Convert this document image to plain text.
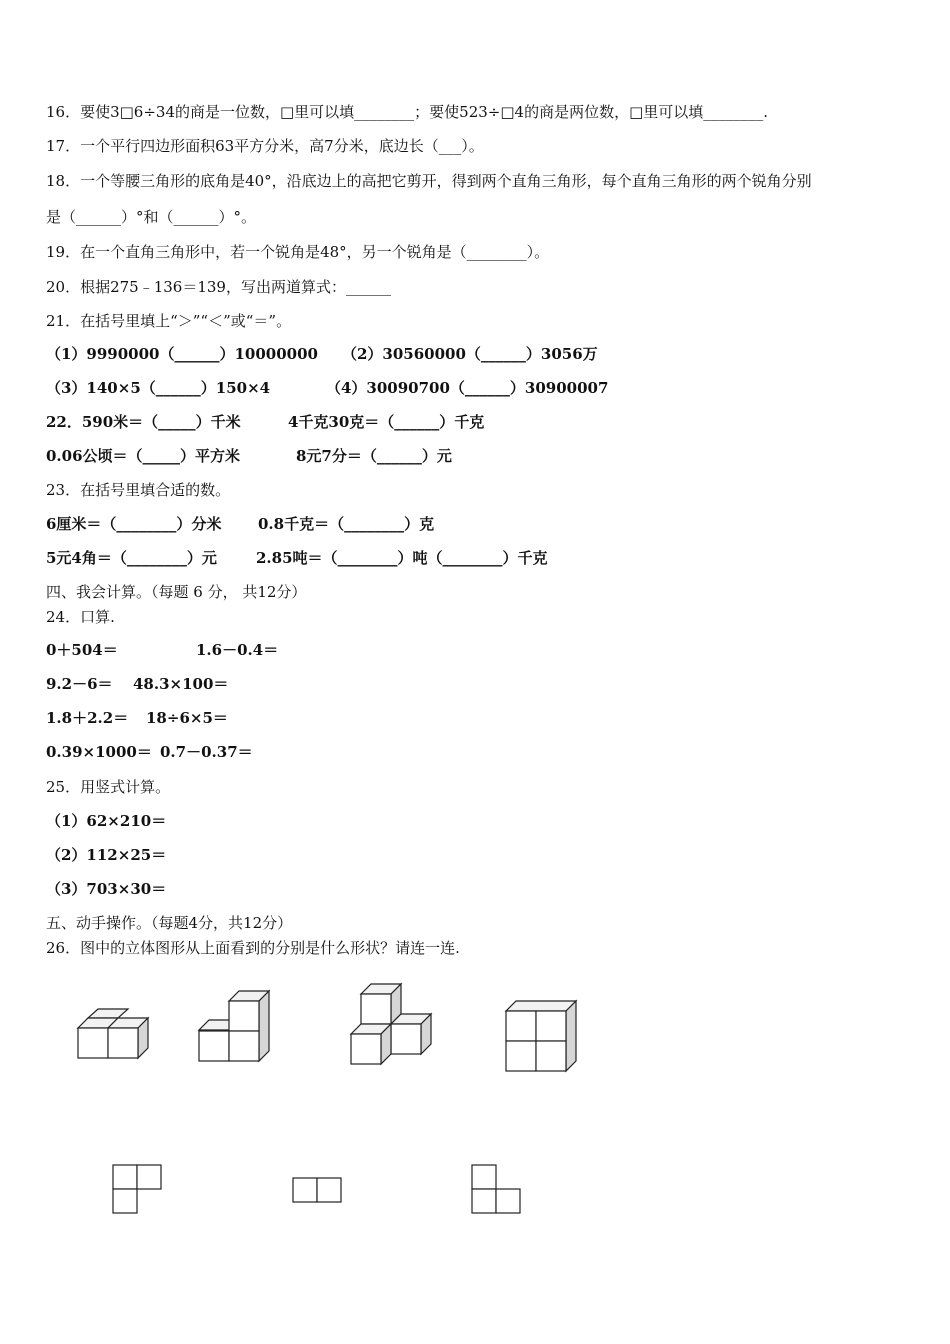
16．要使3□6÷34的商是一位数，□里可以填________；要使523÷□4的商是两位数，□里可以填________.
17．一个平行四边形面积63平方分米，高7分米，底边长（___）。
18．一个等腰三角形的底角是40°，沿底边上的高把它剪开，得到两个直角三角形，每个直角三角形的两个锐角分别
是（______）°和（______）°。
19．在一个直角三角形中，若一个锐角是48°，另一个锐角是（________）。
20．根据275﹣136＝139，写出两道算式：______
21．在括号里填上“＞”“＜”或“＝”。
（1）9990000（______）10000000 （2）30560000（______）3056万
（3）140×5（______）150×4	（4）30090700（______）30900007
22．590米＝（_____）千米	4千克30克＝（______）千克
0.06公顷＝（_____）平方米	8元7分＝（______）元
23．在括号里填合适的数。
6厘米＝（________）分米 0.8千克＝（________）克
5元4角＝（________）元	2.85吨＝（________）吨（________）千克
四、我会计算。（每题 6 分， 共12分）
24．口算.
0＋504＝	1.6－0.4＝
9.2－6＝ 48.3×100＝
1.8＋2.2＝ 18÷6×5＝
0.39×1000＝ 0.7－0.37＝
25．用竖式计算。
（1）62×210＝
（2）112×25＝
（3）703×30＝
五、动手操作。（每题4分，共12分）
26．图中的立体图形从上面看到的分别是什么形状？请连一连.
